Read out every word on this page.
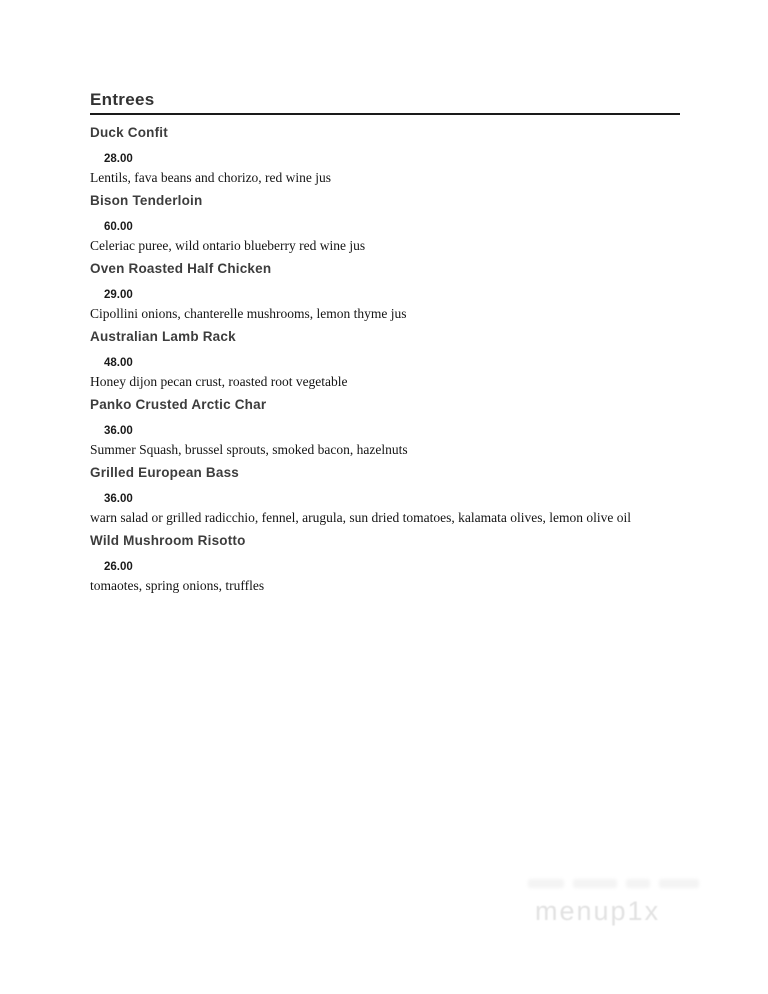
Entrees
Duck Confit
28.00
Lentils, fava beans and chorizo, red wine jus
Bison Tenderloin
60.00
Celeriac puree, wild ontario blueberry red wine jus
Oven Roasted Half Chicken
29.00
Cipollini onions, chanterelle mushrooms, lemon thyme jus
Australian Lamb Rack
48.00
Honey dijon pecan crust, roasted root vegetable
Panko Crusted Arctic Char
36.00
Summer Squash, brussel sprouts, smoked bacon, hazelnuts
Grilled European Bass
36.00
warn salad or grilled radicchio, fennel, arugula, sun dried tomatoes, kalamata olives, lemon olive oil
Wild Mushroom Risotto
26.00
tomaotes, spring onions, truffles
menup1x
